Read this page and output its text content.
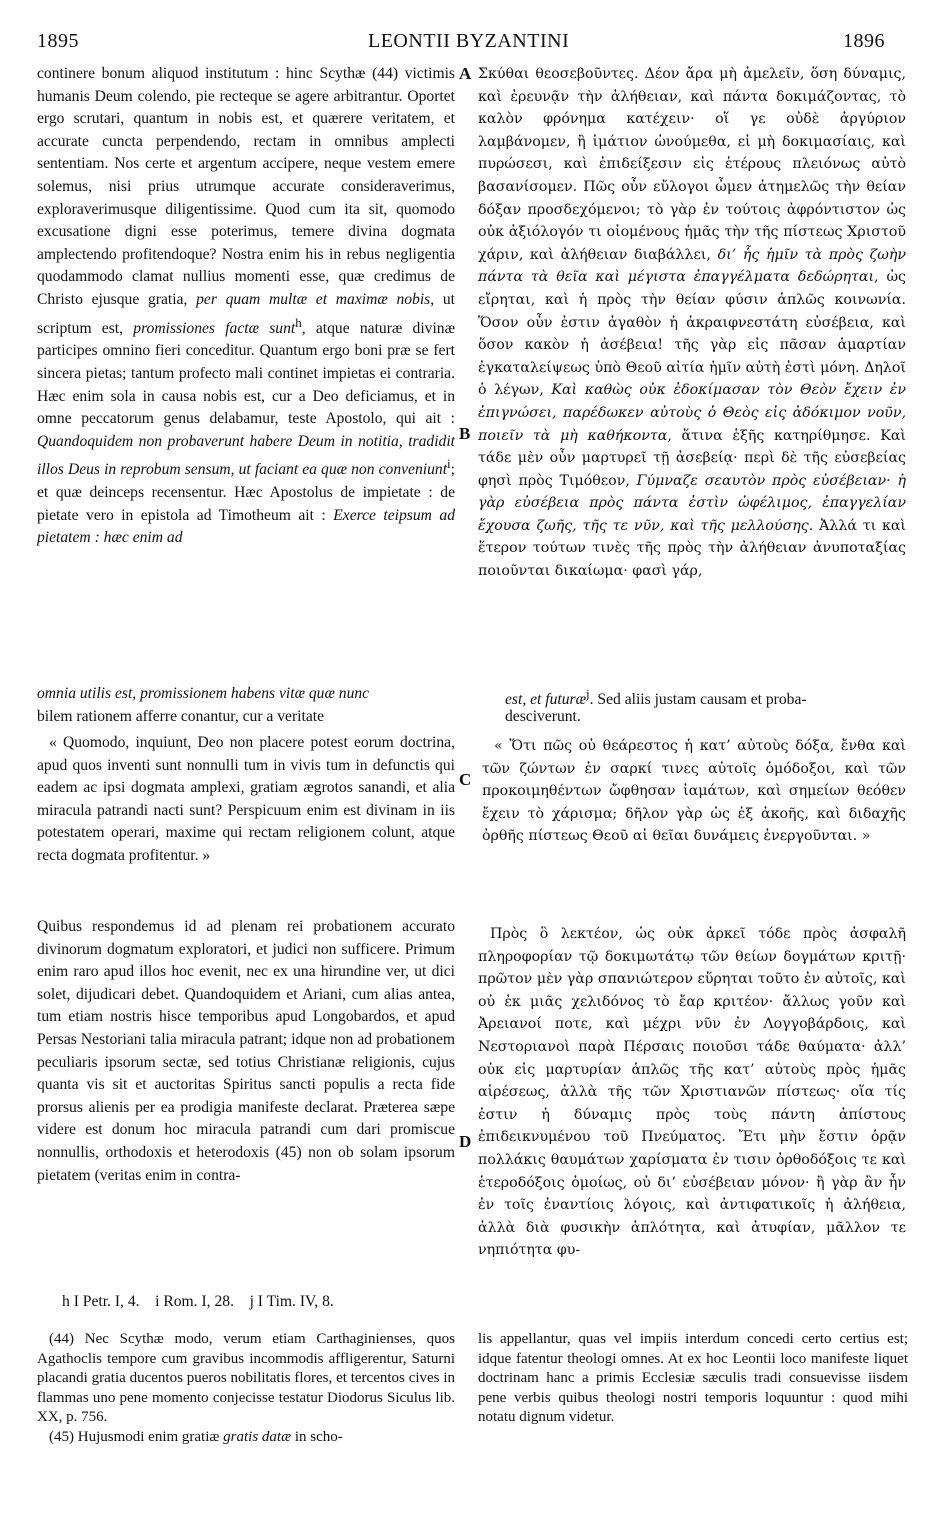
1895	LEONTII BYZANTINI	1896
A
B
C
D

continere bonum aliquod institutum : hinc Scythæ (44) victimis humanis Deum colendo, pie recteque se agere arbitrantur. Oportet ergo scrutari, quantum in nobis est, et quærere veritatem, et accurate cuncta perpendendo, rectam in omnibus amplecti sententiam. Nos certe et argentum accipere, neque vestem emere solemus, nisi prius utrumque accurate consideraverimus, exploraverimusque diligentissime. Quod cum ita sit, quomodo excusatione digni esse poterimus, temere divina dogmata amplectendo profitendoque? Nostra enim his in rebus negligentia quodammodo clamat nullius momenti esse, quæ credimus de Christo ejusque gratia, per quam multæ et maximæ nobis, ut scriptum est, promissiones factæ sunt$^h$, atque naturæ divinæ participes omnino fieri conceditur. Quantum ergo boni præ se fert sincera pietas; tantum profecto mali continet impietas ei contraria. Hæc enim sola in causa nobis est, cur a Deo deficiamus, et in omne peccatorum genus delabamur, teste Apostolo, qui ait : Quandoquidem non probaverunt habere Deum in notitia, tradidit illos Deus in reprobum sensum, ut faciant ea quæ non conveniunt$^i$; et quæ deinceps recensentur. Hæc Apostolus de impietate : de pietate vero in epistola ad Timotheum ait : Exerce teipsum ad pietatem : hæc enim ad

Σκύθαι θεοσεβοῦντες. Δέον ἄρα μὴ ἀμελεῖν, ὅση δύναμις, καὶ ἐρευνᾷν τὴν ἀλήθειαν, καὶ πάντα δοκιμάζοντας, τὸ καλὸν φρόνημα κατέχειν· οἵ γε οὐδὲ ἀργύριον λαμβάνομεν, ἢ ἱμάτιον ὠνούμεθα, εἰ μὴ δοκιμασίαις, καὶ πυρώσεσι, καὶ ἐπιδείξεσιν εἰς ἑτέρους πλειόνως αὐτὸ βασανίσομεν. Πῶς οὖν εὔλογοι ὦμεν ἀτημελῶς τὴν θείαν δόξαν προσδεχόμενοι; τὸ γὰρ ἐν τούτοις ἀφρόντιστον ὡς οὐκ ἀξιόλογόν τι οἰομένους ἡμᾶς τὴν τῆς πίστεως Χριστοῦ χάριν, καὶ ἀλήθειαν διαβάλλει, δι’ ἧς ἡμῖν τὰ πρὸς ζωὴν πάντα τὰ θεῖα καὶ μέγιστα ἐπαγγέλματα δεδώρηται, ὡς εἴρηται, καὶ ἡ πρὸς τὴν θείαν φύσιν ἁπλῶς κοινωνία. Ὅσον οὖν ἐστιν ἀγαθὸν ἡ ἀκραιφνεστάτη εὐσέβεια, καὶ ὅσον κακὸν ἡ ἀσέβεια! τῆς γὰρ εἰς πᾶσαν ἁμαρτίαν ἐγκαταλείψεως ὑπὸ Θεοῦ αἰτία ἡμῖν αὐτὴ ἐστὶ μόνη. Δηλοῖ ὁ λέγων, Καὶ καθὼς οὐκ ἐδοκίμασαν τὸν Θεὸν ἔχειν ἐν ἐπιγνώσει, παρέδωκεν αὐτοὺς ὁ Θεὸς εἰς ἀδόκιμον νοῦν, ποιεῖν τὰ μὴ καθήκοντα, ἅτινα ἑξῆς κατηρίθμησε. Καὶ τάδε μὲν οὖν μαρτυρεῖ τῇ ἀσεβείᾳ· περὶ δὲ τῆς εὐσεβείας φησὶ πρὸς Τιμόθεον, Γύμναζε σεαυτὸν πρὸς εὐσέβειαν· ἡ γὰρ εὐσέβεια πρὸς πάντα ἐστὶν ὠφέλιμος, ἐπαγγελίαν ἔχουσα ζωῆς, τῆς τε νῦν, καὶ τῆς μελλούσης. Ἀλλά τι καὶ ἕτερον τούτων τινὲς τῆς πρὸς τὴν ἀλήθειαν ἀνυποταξίας ποιοῦνται δικαίωμα· φασὶ γάρ,

omnia utilis est, promissionem habens vitæ quæ nunc	est, et futuræ$^j$. Sed aliis justam causam et proba-
bilem rationem afferre conantur, cur a veritate	desciverunt.

« Quomodo, inquiunt, Deo non placere potest eorum doctrina, apud quos inventi sunt nonnulli tum in vivis tum in defunctis qui eadem ac ipsi dogmata amplexi, gratiam ægrotos sanandi, et alia miracula patrandi nacti sunt? Perspicuum enim est divinam in iis potestatem operari, maxime qui rectam religionem colunt, atque recta dogmata profitentur. »

« Ὅτι πῶς οὐ θεάρεστος ἡ κατ’ αὐτοὺς δόξα, ἔνθα καὶ τῶν ζώντων ἐν σαρκί τινες αὐτοῖς ὁμόδοξοι, καὶ τῶν προκοιμηθέντων ὤφθησαν ἰαμάτων, καὶ σημείων θεόθεν ἔχειν τὸ χάρισμα; δῆλον γὰρ ὡς ἐξ ἀκοῆς, καὶ διδαχῆς ὀρθῆς πίστεως Θεοῦ αἱ θεῖαι δυνάμεις ἐνεργοῦνται. »

Quibus respondemus id ad plenam rei probationem accurato divinorum dogmatum exploratori, et judici non sufficere. Primum enim raro apud illos hoc evenit, nec ex una hirundine ver, ut dici solet, dijudicari debet. Quandoquidem et Ariani, cum alias antea, tum etiam nostris hisce temporibus apud Longobardos, et apud Persas Nestoriani talia miracula patrant; idque non ad probationem peculiaris ipsorum sectæ, sed totius Christianæ religionis, cujus quanta vis sit et auctoritas Spiritus sancti populis a recta fide prorsus alienis per ea prodigia manifeste declarat. Præterea sæpe videre est donum hoc miracula patrandi cum dari promiscue nonnullis, orthodoxis et heterodoxis (45) non ob solam ipsorum pietatem (veritas enim in contra-

Πρὸς ὃ λεκτέον, ὡς οὐκ ἀρκεῖ τόδε πρὸς ἀσφαλῆ πληροφορίαν τῷ δοκιμωτάτῳ τῶν θείων δογμάτων κριτῇ· πρῶτον μὲν γὰρ σπανιώτερον εὕρηται τοῦτο ἐν αὐτοῖς, καὶ οὐ ἐκ μιᾶς χελιδόνος τὸ ἔαρ κριτέον· ἄλλως γοῦν καὶ Ἀρειανοί ποτε, καὶ μέχρι νῦν ἐν Λογγοβάρδοις, καὶ Νεστοριανοὶ παρὰ Πέρσαις ποιοῦσι τάδε θαύματα· ἀλλ’ οὐκ εἰς μαρτυρίαν ἁπλῶς τῆς κατ’ αὐτοὺς πρὸς ἡμᾶς αἱρέσεως, ἀλλὰ τῆς τῶν Χριστιανῶν πίστεως· οἵα τίς ἐστιν ἡ δύναμις πρὸς τοὺς πάντη ἀπίστους ἐπιδεικνυμένου τοῦ Πνεύματος. Ἔτι μὴν ἔστιν ὁρᾷν πολλάκις θαυμάτων χαρίσματα ἐν τισιν ὀρθοδόξοις τε καὶ ἑτεροδόξοις ὁμοίως, οὐ δι’ εὐσέβειαν μόνον· ἢ γὰρ ἂν ἦν ἐν τοῖς ἐναντίοις λόγοις, καὶ ἀντιφατικοῖς ἡ ἀλήθεια, ἀλλὰ διὰ φυσικὴν ἁπλότητα, καὶ ἀτυφίαν, μᾶλλον τε νηπιότητα φυ-

h I Petr. I, 4. i Rom. I, 28. j I Tim. IV, 8.

(44) Nec Scythæ modo, verum etiam Carthaginienses, quos Agathoclis tempore cum gravibus incommodis affligerentur, Saturni placandi gratia ducentos pueros nobilitatis flores, et tercentos cives in flammas uno pene momento conjecisse testatur Diodorus Siculus lib. XX, p. 756.

(45) Hujusmodi enim gratiæ gratis datæ in scho-

lis appellantur, quas vel impiis interdum concedi certo certius est; idque fatentur theologi omnes. At ex hoc Leontii loco manifeste liquet doctrinam hanc a primis Ecclesiæ sæculis tradi consuevisse iisdem pene verbis quibus theologi nostri temporis loquuntur : quod mihi notatu dignum videtur.
